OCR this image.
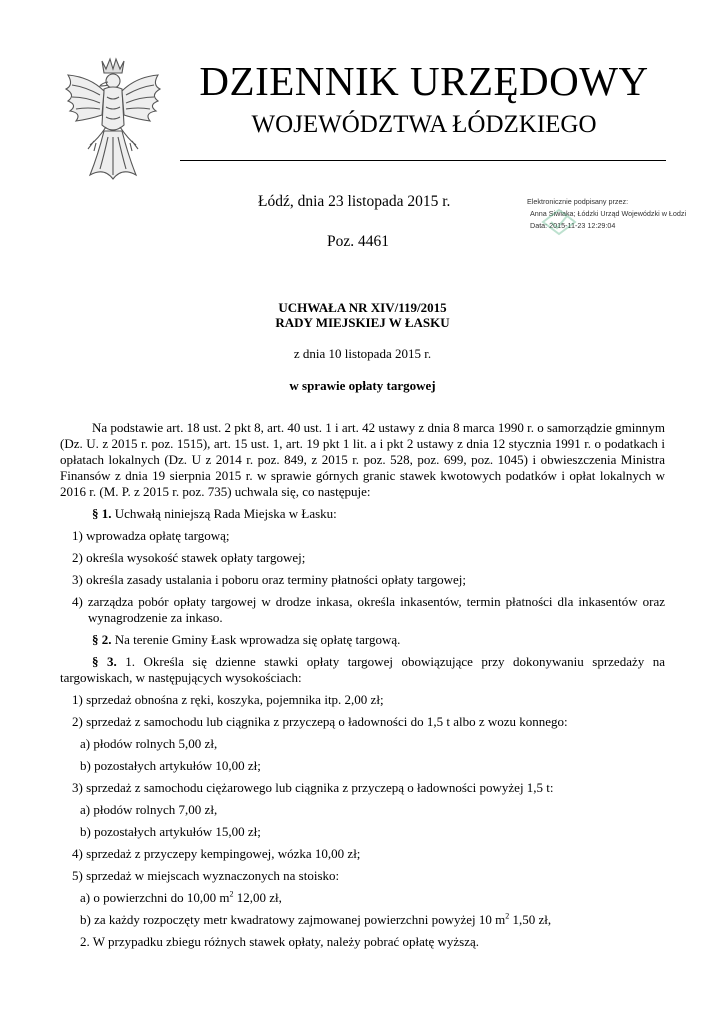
DZIENNIK URZĘDOWY
WOJEWÓDZTWA ŁÓDZKIEGO
Łódź, dnia 23 listopada 2015 r.
Poz. 4461
Elektronicznie podpisany przez:
Anna Siwiaka; Łódzki Urząd Wojewódzki w Łodzi
Data: 2015-11-23 12:29:04
UCHWAŁA NR XIV/119/2015
RADY MIEJSKIEJ W ŁASKU
z dnia 10 listopada 2015 r.
w sprawie opłaty targowej

Na podstawie art. 18 ust. 2 pkt 8, art. 40 ust. 1 i art. 42 ustawy z dnia 8 marca 1990 r. o samorządzie gminnym (Dz. U. z 2015 r. poz. 1515), art. 15 ust. 1, art. 19 pkt 1 lit. a i pkt 2 ustawy z dnia 12 stycznia 1991 r. o podatkach i opłatach lokalnych (Dz. U z 2014 r. poz. 849, z 2015 r. poz. 528, poz. 699, poz. 1045) i obwieszczenia Ministra Finansów z dnia 19 sierpnia 2015 r. w sprawie górnych granic stawek kwotowych podatków i opłat lokalnych w 2016 r. (M. P. z 2015 r. poz. 735) uchwala się, co następuje:

§ 1. Uchwałą niniejszą Rada Miejska w Łasku:

1) wprowadza opłatę targową;

2) określa wysokość stawek opłaty targowej;

3) określa zasady ustalania i poboru oraz terminy płatności opłaty targowej;

4) zarządza pobór opłaty targowej w drodze inkasa, określa inkasentów, termin płatności dla inkasentów oraz wynagrodzenie za inkaso.

§ 2. Na terenie Gminy Łask wprowadza się opłatę targową.

§ 3. 1. Określa się dzienne stawki opłaty targowej obowiązujące przy dokonywaniu sprzedaży na targowiskach, w następujących wysokościach:

1) sprzedaż obnośna z ręki, koszyka, pojemnika itp. 2,00 zł;

2) sprzedaż z samochodu lub ciągnika z przyczepą o ładowności do 1,5 t albo z wozu konnego:

a) płodów rolnych 5,00 zł,

b) pozostałych artykułów 10,00 zł;

3) sprzedaż z samochodu ciężarowego lub ciągnika z przyczepą o ładowności powyżej 1,5 t:

a) płodów rolnych 7,00 zł,

b) pozostałych artykułów 15,00 zł;

4) sprzedaż z przyczepy kempingowej, wózka 10,00 zł;

5) sprzedaż w miejscach wyznaczonych na stoisko:

a) o powierzchni do 10,00 $m^2$ 12,00 zł,

b) za każdy rozpoczęty metr kwadratowy zajmowanej powierzchni powyżej 10 $m^2$ 1,50 zł,

2. W przypadku zbiegu różnych stawek opłaty, należy pobrać opłatę wyższą.
